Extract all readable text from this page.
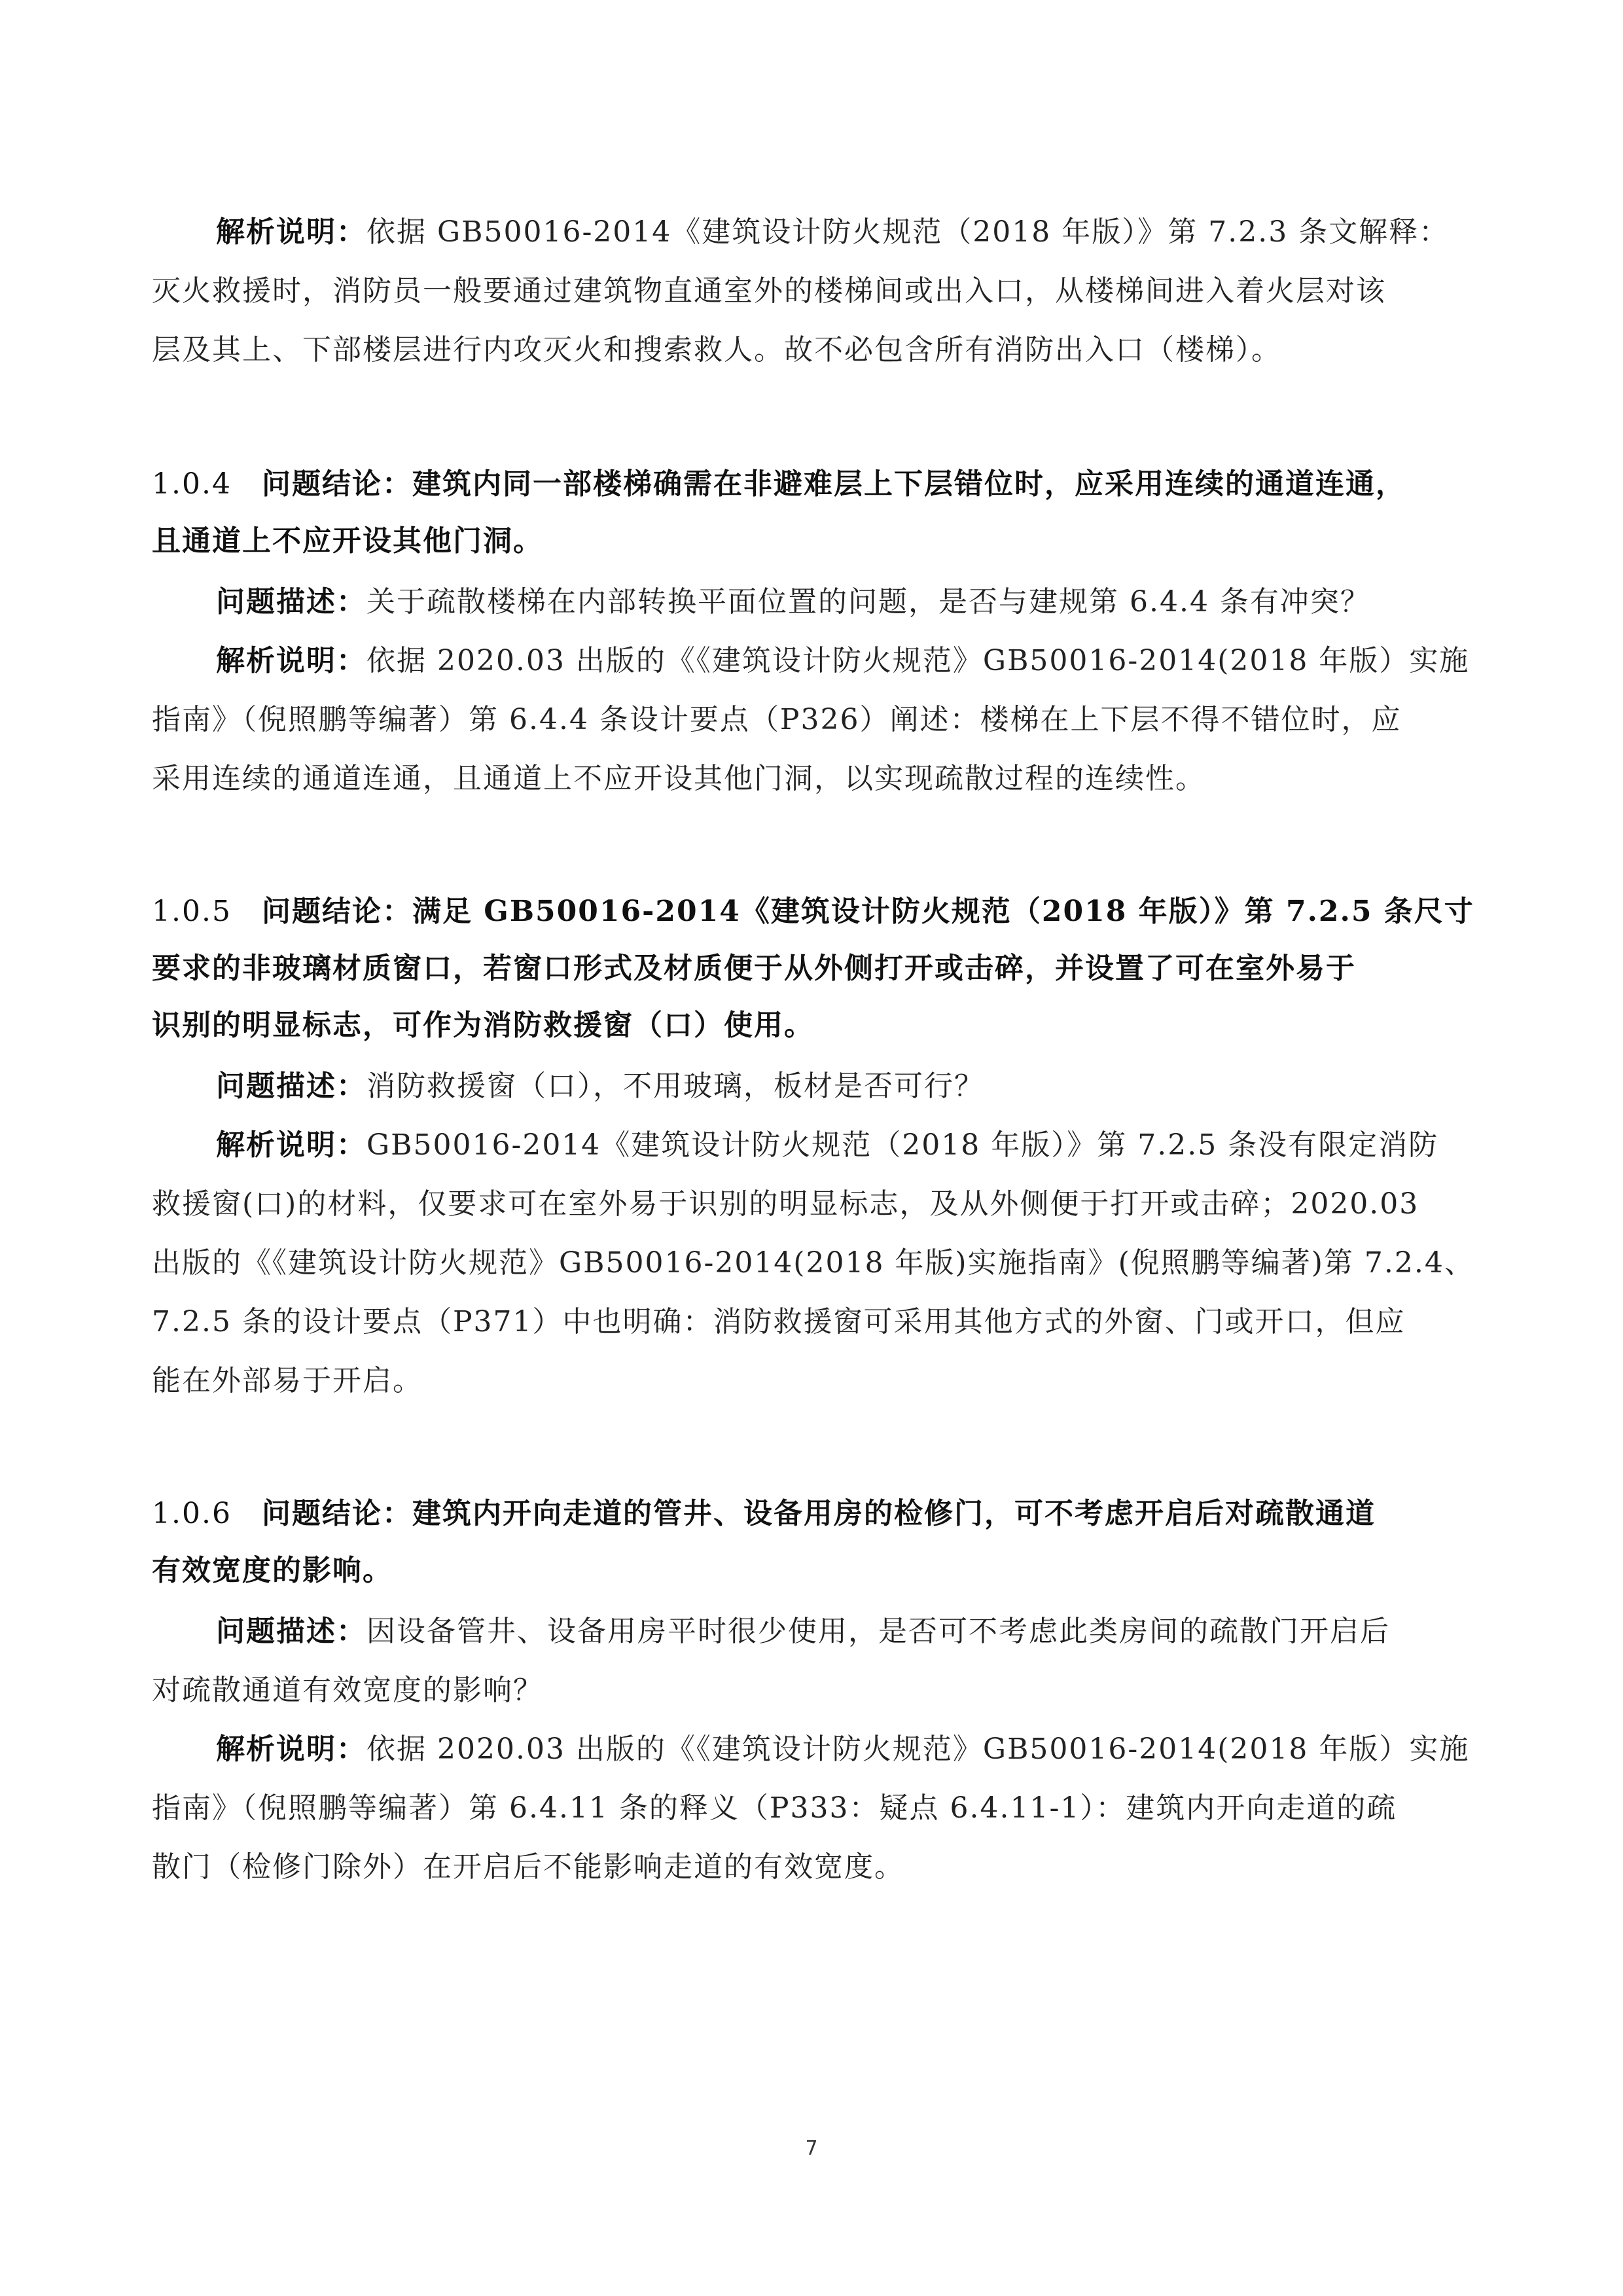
解析说明：依据 GB50016-2014《建筑设计防火规范（2018 年版）》第 7.2.3 条文解释：

灭火救援时，消防员一般要通过建筑物直通室外的楼梯间或出入口，从楼梯间进入着火层对该

层及其上、下部楼层进行内攻灭火和搜索救人。故不必包含所有消防出入口（楼梯）。

1.0.4 问题结论：建筑内同一部楼梯确需在非避难层上下层错位时，应采用连续的通道连通，

且通道上不应开设其他门洞。

问题描述：关于疏散楼梯在内部转换平面位置的问题，是否与建规第 6.4.4 条有冲突？

解析说明：依据 2020.03 出版的《《建筑设计防火规范》GB50016-2014(2018 年版）实施

指南》（倪照鹏等编著）第 6.4.4 条设计要点（P326）阐述：楼梯在上下层不得不错位时，应

采用连续的通道连通，且通道上不应开设其他门洞，以实现疏散过程的连续性。

1.0.5 问题结论：满足 GB50016-2014《建筑设计防火规范（2018 年版）》第 7.2.5 条尺寸

要求的非玻璃材质窗口，若窗口形式及材质便于从外侧打开或击碎，并设置了可在室外易于

识别的明显标志，可作为消防救援窗（口）使用。

问题描述：消防救援窗（口），不用玻璃，板材是否可行？

解析说明：GB50016-2014《建筑设计防火规范（2018 年版）》第 7.2.5 条没有限定消防

救援窗(口)的材料，仅要求可在室外易于识别的明显标志，及从外侧便于打开或击碎；2020.03

出版的《《建筑设计防火规范》GB50016-2014(2018 年版)实施指南》(倪照鹏等编著)第 7.2.4、

7.2.5 条的设计要点（P371）中也明确：消防救援窗可采用其他方式的外窗、门或开口，但应

能在外部易于开启。

1.0.6 问题结论：建筑内开向走道的管井、设备用房的检修门，可不考虑开启后对疏散通道

有效宽度的影响。

问题描述：因设备管井、设备用房平时很少使用，是否可不考虑此类房间的疏散门开启后

对疏散通道有效宽度的影响？

解析说明：依据 2020.03 出版的《《建筑设计防火规范》GB50016-2014(2018 年版）实施

指南》（倪照鹏等编著）第 6.4.11 条的释义（P333：疑点 6.4.11-1）：建筑内开向走道的疏

散门（检修门除外）在开启后不能影响走道的有效宽度。

7
